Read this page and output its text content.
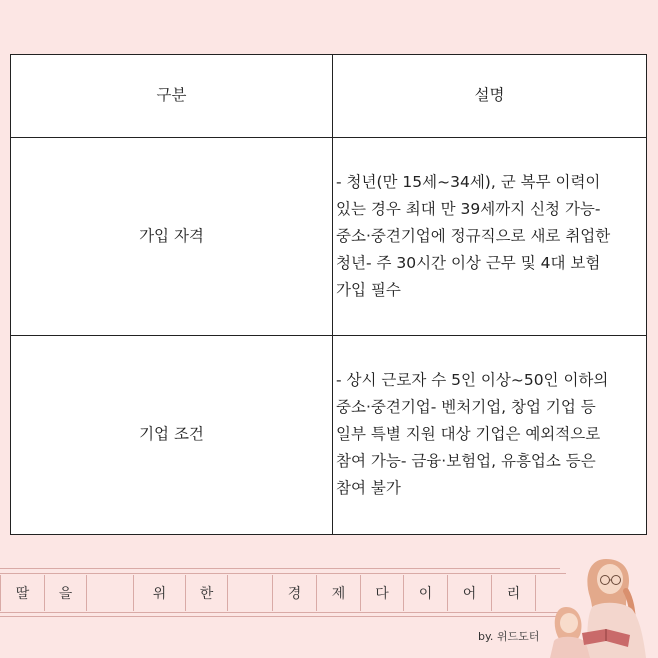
구분	설명
가입 자격	- 청년(만 15세~34세), 군 복무 이력이
있는 경우 최대 만 39세까지 신청 가능-
중소·중견기업에 정규직으로 새로 취업한
청년- 주 30시간 이상 근무 및 4대 보험
가입 필수

기업 조건	- 상시 근로자 수 5인 이상~50인 이하의
중소·중견기업- 벤처기업, 창업 기업 등
일부 특별 지원 대상 기업은 예외적으로
참여 가능- 금융·보험업, 유흥업소 등은
참여 불가
딸	을	위	한	경	제	다	이	어	리
by. 위드도터
